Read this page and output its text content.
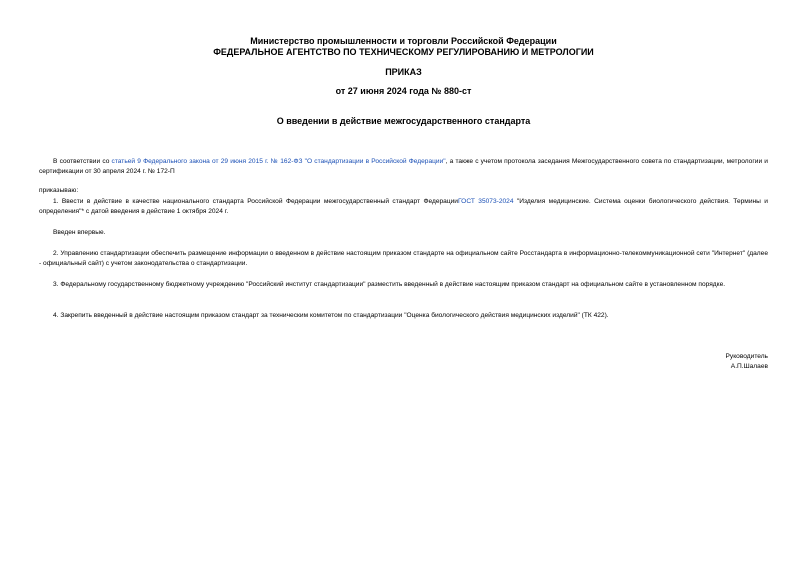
Министерство промышленности и торговли Российской Федерации
ФЕДЕРАЛЬНОЕ АГЕНТСТВО ПО ТЕХНИЧЕСКОМУ РЕГУЛИРОВАНИЮ И МЕТРОЛОГИИ
ПРИКАЗ
от 27 июня 2024 года № 880-ст
О введении в действие межгосударственного стандарта
В соответствии со статьей 9 Федерального закона от 29 июня 2015 г. № 162-ФЗ "О стандартизации в Российской Федерации", а также с учетом протокола заседания Межгосударственного совета по стандартизации, метрологии и сертификации от 30 апреля 2024 г. № 172-П
приказываю:
1. Ввести в действие в качестве национального стандарта Российской Федерации межгосударственный стандарт ФедерацииГОСТ 35073-2024 "Изделия медицинские. Система оценки биологического действия. Термины и определения"* с датой введения в действие 1 октября 2024 г.
Введен впервые.
2. Управлению стандартизации обеспечить размещение информации о введенном в действие настоящим приказом стандарте на официальном сайте Росстандарта в информационно-телекоммуникационной сети "Интернет" (далее - официальный сайт) с учетом законодательства о стандартизации.
3. Федеральному государственному бюджетному учреждению "Российский институт стандартизации" разместить введенный в действие настоящим приказом стандарт на официальном сайте в установленном порядке.
4. Закрепить введенный в действие настоящим приказом стандарт за техническим комитетом по стандартизации "Оценка биологического действия медицинских изделий" (ТК 422).
Руководитель
А.П.Шалаев
